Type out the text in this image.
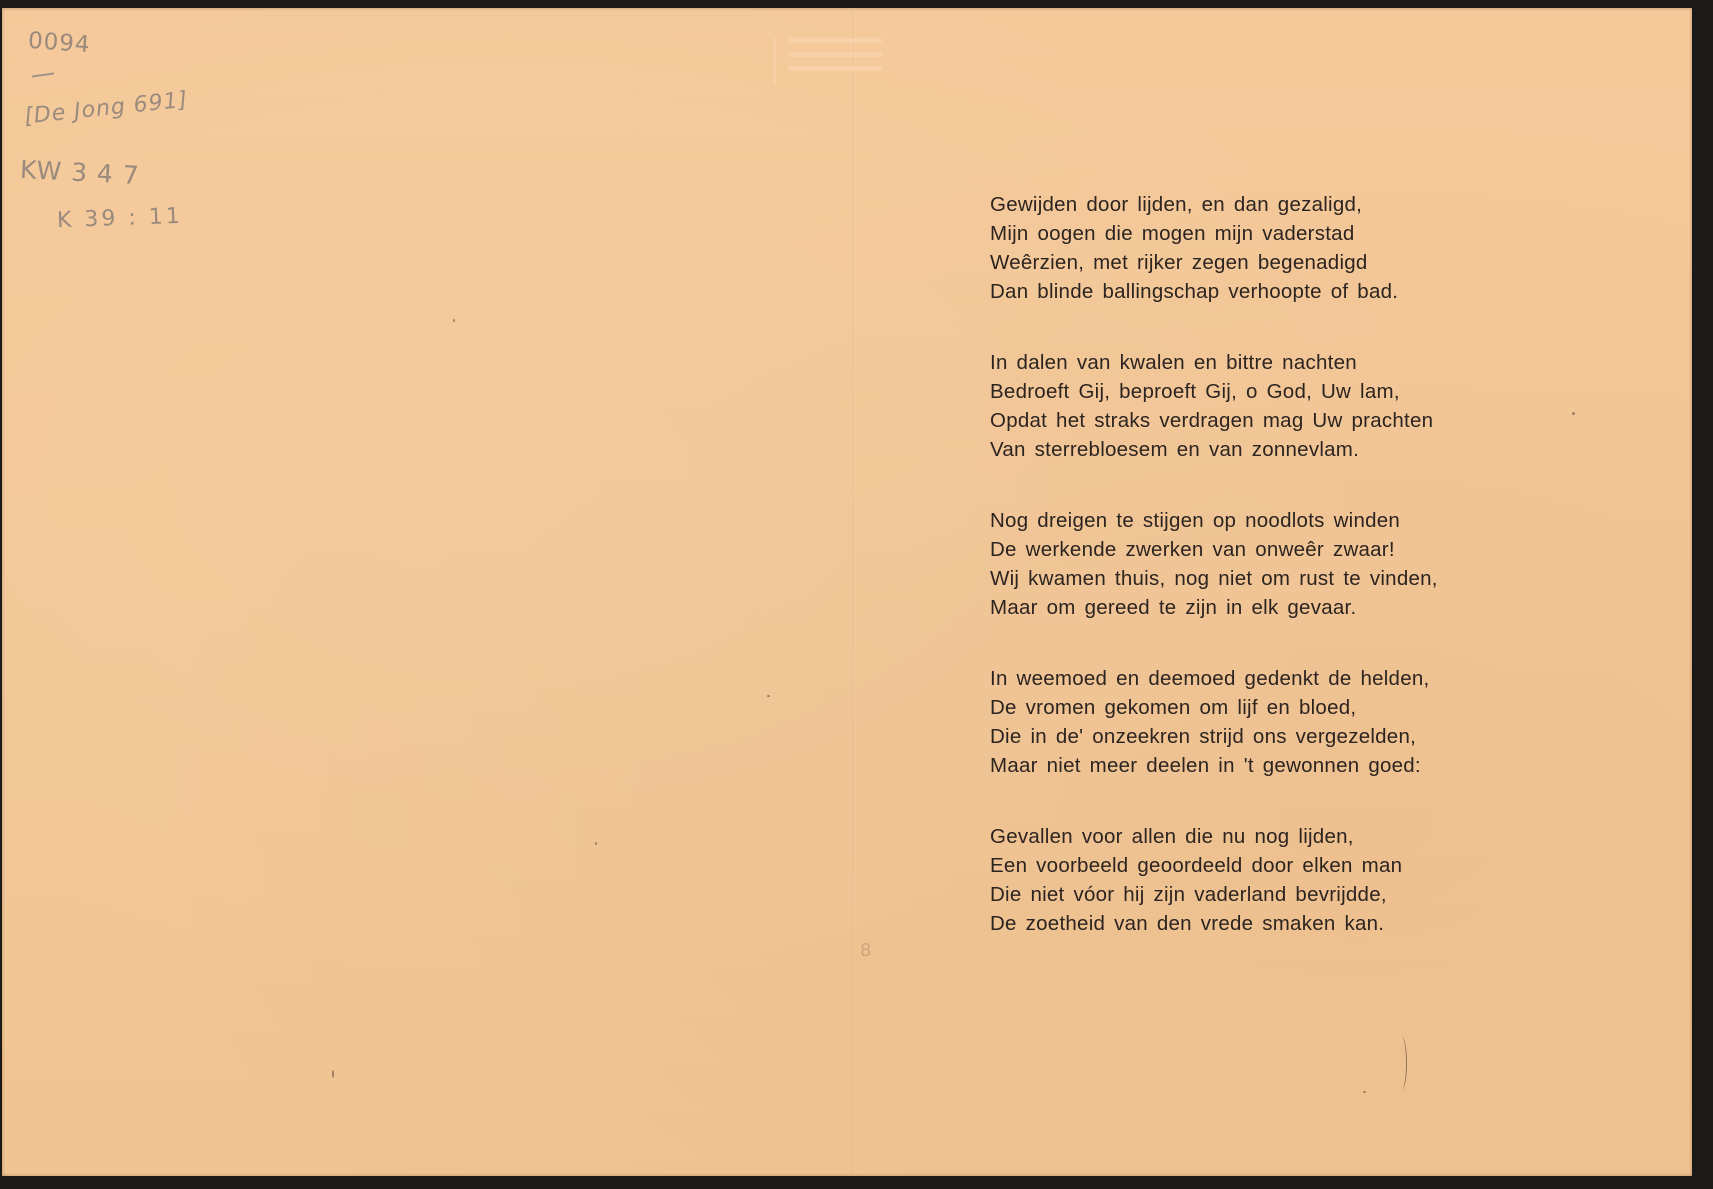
0094
[De Jong 691]
KW 3 4 7
K 39 : 11	Gewijden door lijden, en dan gezaligd,
Mijn oogen die mogen mijn vaderstad
Weêrzien, met rijker zegen begenadigd
Dan blinde ballingschap verhoopte of bad.
In dalen van kwalen en bittre nachten
Bedroeft Gij, beproeft Gij, o God, Uw lam,
Opdat het straks verdragen mag Uw prachten
Van sterrebloesem en van zonnevlam.
Nog dreigen te stijgen op noodlots winden
De werkende zwerken van onweêr zwaar!
Wij kwamen thuis, nog niet om rust te vinden,
Maar om gereed te zijn in elk gevaar.
In weemoed en deemoed gedenkt de helden,
De vromen gekomen om lijf en bloed,
Die in de' onzeekren strijd ons vergezelden,
Maar niet meer deelen in 't gewonnen goed:
Gevallen voor allen die nu nog lijden,
Een voorbeeld geoordeeld door elken man
Die niet vóor hij zijn vaderland bevrijdde,
De zoetheid van den vrede smaken kan.
8
